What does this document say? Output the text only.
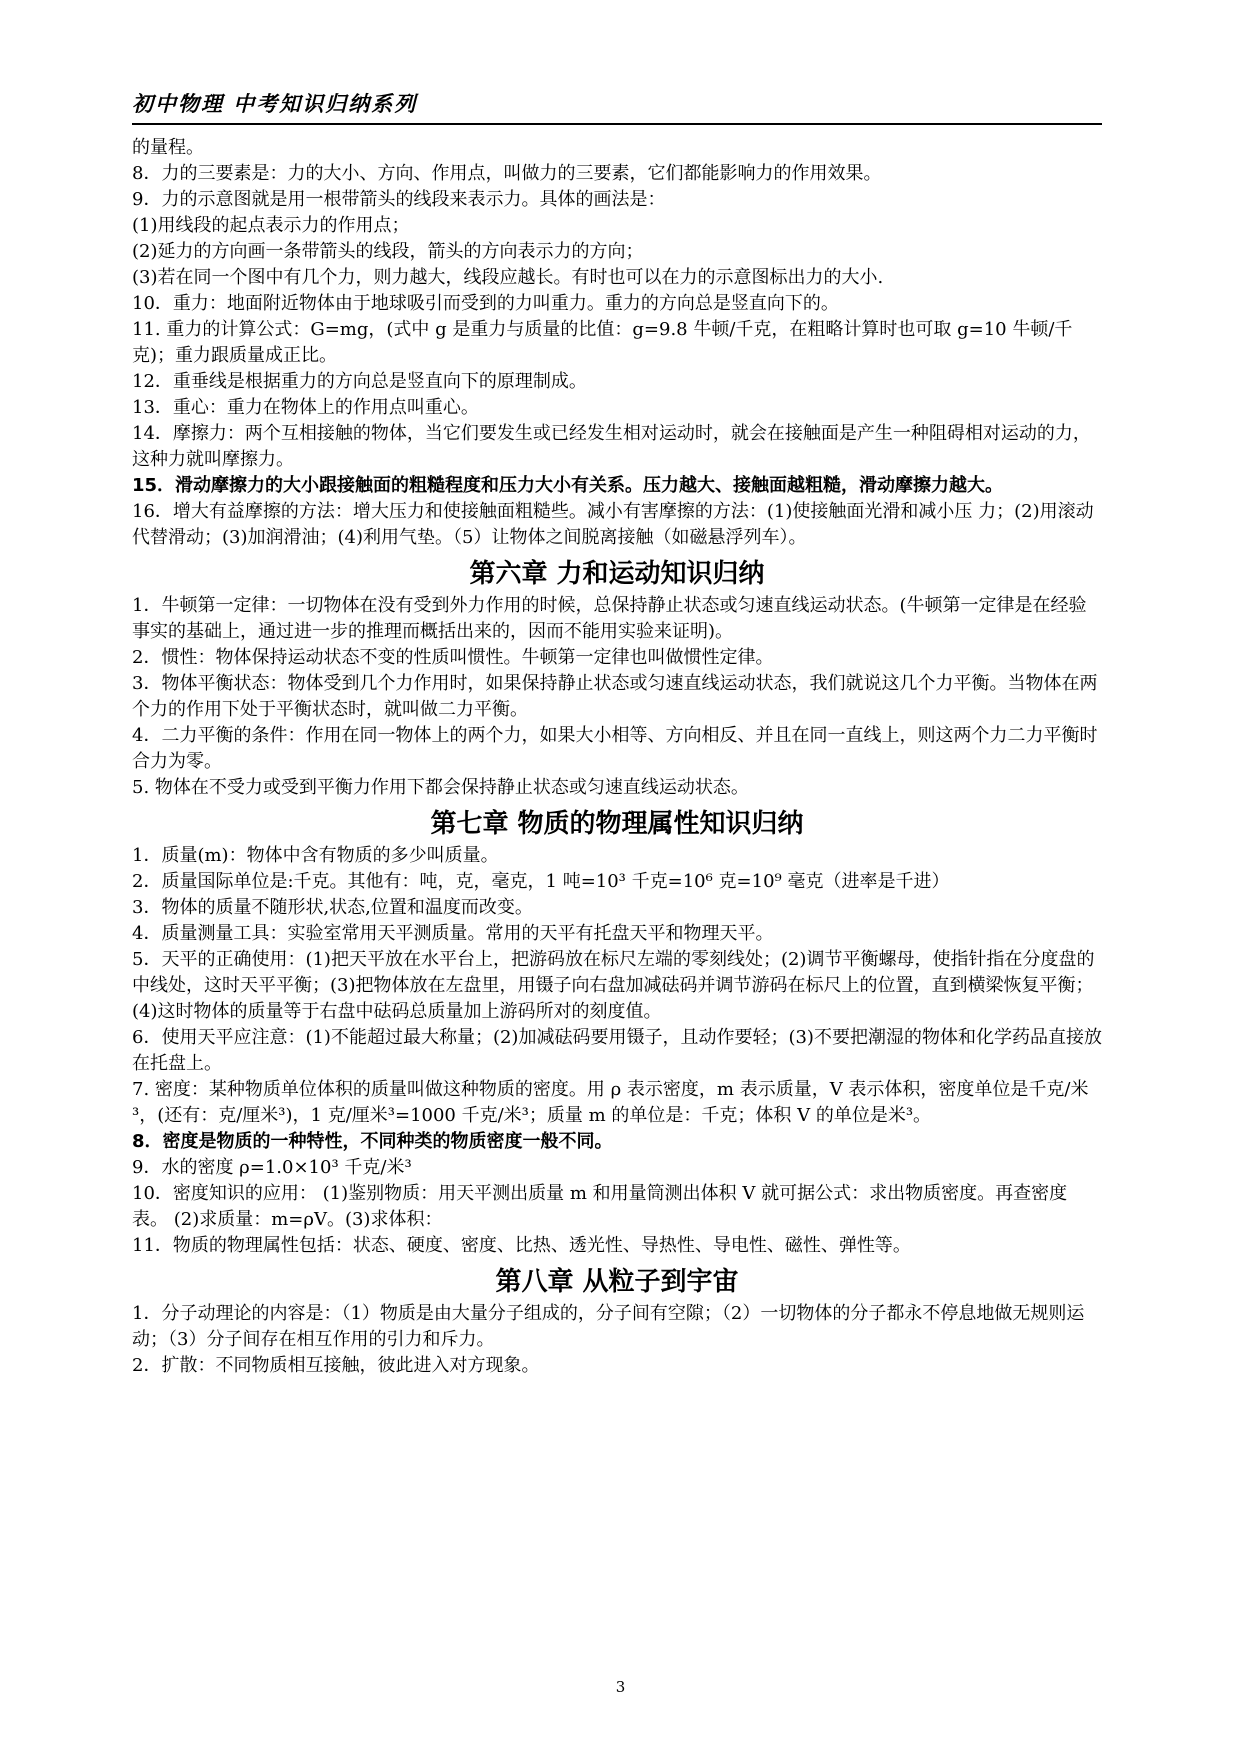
初中物理 中考知识归纳系列

的量程。

8．力的三要素是：力的大小、方向、作用点，叫做力的三要素，它们都能影响力的作用效果。

9．力的示意图就是用一根带箭头的线段来表示力。具体的画法是：

(1)用线段的起点表示力的作用点；

(2)延力的方向画一条带箭头的线段，箭头的方向表示力的方向；

(3)若在同一个图中有几个力，则力越大，线段应越长。有时也可以在力的示意图标出力的大小.

10．重力：地面附近物体由于地球吸引而受到的力叫重力。重力的方向总是竖直向下的。

11. 重力的计算公式：G=mg，(式中 g 是重力与质量的比值：g=9.8 牛顿/千克，在粗略计算时也可取 g=10 牛顿/千克)；重力跟质量成正比。

12．重垂线是根据重力的方向总是竖直向下的原理制成。

13．重心：重力在物体上的作用点叫重心。

14．摩擦力：两个互相接触的物体，当它们要发生或已经发生相对运动时，就会在接触面是产生一种阻碍相对运动的力，这种力就叫摩擦力。

15．滑动摩擦力的大小跟接触面的粗糙程度和压力大小有关系。压力越大、接触面越粗糙，滑动摩擦力越大。

16．增大有益摩擦的方法：增大压力和使接触面粗糙些。减小有害摩擦的方法：(1)使接触面光滑和减小压 力；(2)用滚动代替滑动；(3)加润滑油；(4)利用气垫。（5）让物体之间脱离接触（如磁悬浮列车）。

第六章 力和运动知识归纳

1．牛顿第一定律：一切物体在没有受到外力作用的时候，总保持静止状态或匀速直线运动状态。(牛顿第一定律是在经验事实的基础上，通过进一步的推理而概括出来的，因而不能用实验来证明)。

2．惯性：物体保持运动状态不变的性质叫惯性。牛顿第一定律也叫做惯性定律。

3．物体平衡状态：物体受到几个力作用时，如果保持静止状态或匀速直线运动状态，我们就说这几个力平衡。当物体在两个力的作用下处于平衡状态时，就叫做二力平衡。

4．二力平衡的条件：作用在同一物体上的两个力，如果大小相等、方向相反、并且在同一直线上，则这两个力二力平衡时合力为零。

5. 物体在不受力或受到平衡力作用下都会保持静止状态或匀速直线运动状态。

第七章 物质的物理属性知识归纳

1．质量(m)：物体中含有物质的多少叫质量。

2．质量国际单位是:千克。其他有：吨，克，毫克，1 吨=10³ 千克=10⁶ 克=10⁹ 毫克（进率是千进）

3．物体的质量不随形状,状态,位置和温度而改变。

4．质量测量工具：实验室常用天平测质量。常用的天平有托盘天平和物理天平。

5．天平的正确使用：(1)把天平放在水平台上，把游码放在标尺左端的零刻线处；(2)调节平衡螺母，使指针指在分度盘的中线处，这时天平平衡；(3)把物体放在左盘里，用镊子向右盘加减砝码并调节游码在标尺上的位置，直到横梁恢复平衡；(4)这时物体的质量等于右盘中砝码总质量加上游码所对的刻度值。

6．使用天平应注意：(1)不能超过最大称量；(2)加减砝码要用镊子，且动作要轻；(3)不要把潮湿的物体和化学药品直接放在托盘上。

7. 密度：某种物质单位体积的质量叫做这种物质的密度。用 ρ 表示密度，m 表示质量，V 表示体积，密度单位是千克/米³，(还有：克/厘米³)，1 克/厘米³=1000 千克/米³；质量 m 的单位是：千克；体积 V 的单位是米³。

8．密度是物质的一种特性，不同种类的物质密度一般不同。

9．水的密度 ρ=1.0×10³ 千克/米³

10．密度知识的应用： (1)鉴别物质：用天平测出质量 m 和用量筒测出体积 V 就可据公式：求出物质密度。再查密度表。 (2)求质量：m=ρV。(3)求体积：

11．物质的物理属性包括：状态、硬度、密度、比热、透光性、导热性、导电性、磁性、弹性等。

第八章 从粒子到宇宙

1．分子动理论的内容是：（1）物质是由大量分子组成的，分子间有空隙；（2）一切物体的分子都永不停息地做无规则运动；（3）分子间存在相互作用的引力和斥力。

2．扩散：不同物质相互接触，彼此进入对方现象。

3
